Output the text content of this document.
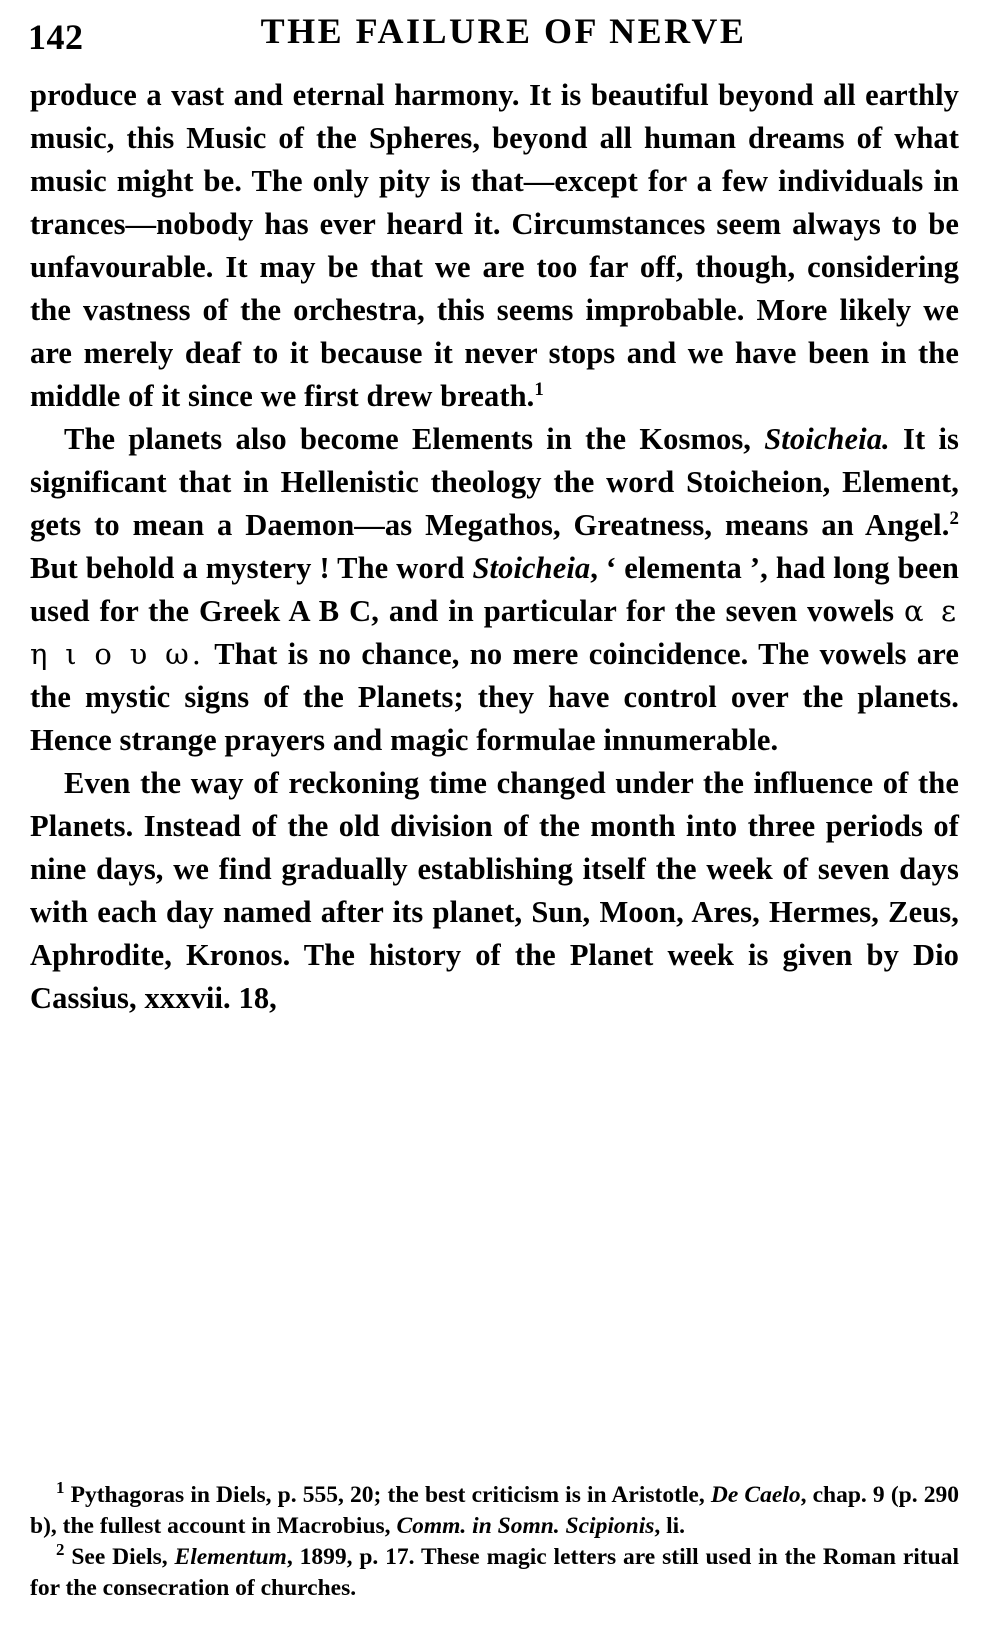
142	THE FAILURE OF NERVE

produce a vast and eternal harmony. It is beautiful beyond all earthly music, this Music of the Spheres, beyond all human dreams of what music might be. The only pity is that—except for a few individuals in trances—nobody has ever heard it. Circumstances seem always to be unfavourable. It may be that we are too far off, though, considering the vastness of the orchestra, this seems improbable. More likely we are merely deaf to it because it never stops and we have been in the middle of it since we first drew breath.$^1$

The planets also become Elements in the Kosmos, Stoicheia. It is significant that in Hellenistic theology the word Stoicheion, Element, gets to mean a Daemon—as Megathos, Greatness, means an Angel.$^2$ But behold a mystery ! The word Stoicheia, ‘ elementa ’, had long been used for the Greek A B C, and in particular for the seven vowels α ε η ι ο υ ω. That is no chance, no mere coincidence. The vowels are the mystic signs of the Planets; they have control over the planets. Hence strange prayers and magic formulae innumerable.

Even the way of reckoning time changed under the influence of the Planets. Instead of the old division of the month into three periods of nine days, we find gradually establishing itself the week of seven days with each day named after its planet, Sun, Moon, Ares, Hermes, Zeus, Aphrodite, Kronos. The history of the Planet week is given by Dio Cassius, xxxvii. 18,

$^1$ Pythagoras in Diels, p. 555, 20; the best criticism is in Aristotle, De Caelo, chap. 9 (p. 290 b), the fullest account in Macrobius, Comm. in Somn. Scipionis, li.

$^2$ See Diels, Elementum, 1899, p. 17. These magic letters are still used in the Roman ritual for the consecration of churches.
